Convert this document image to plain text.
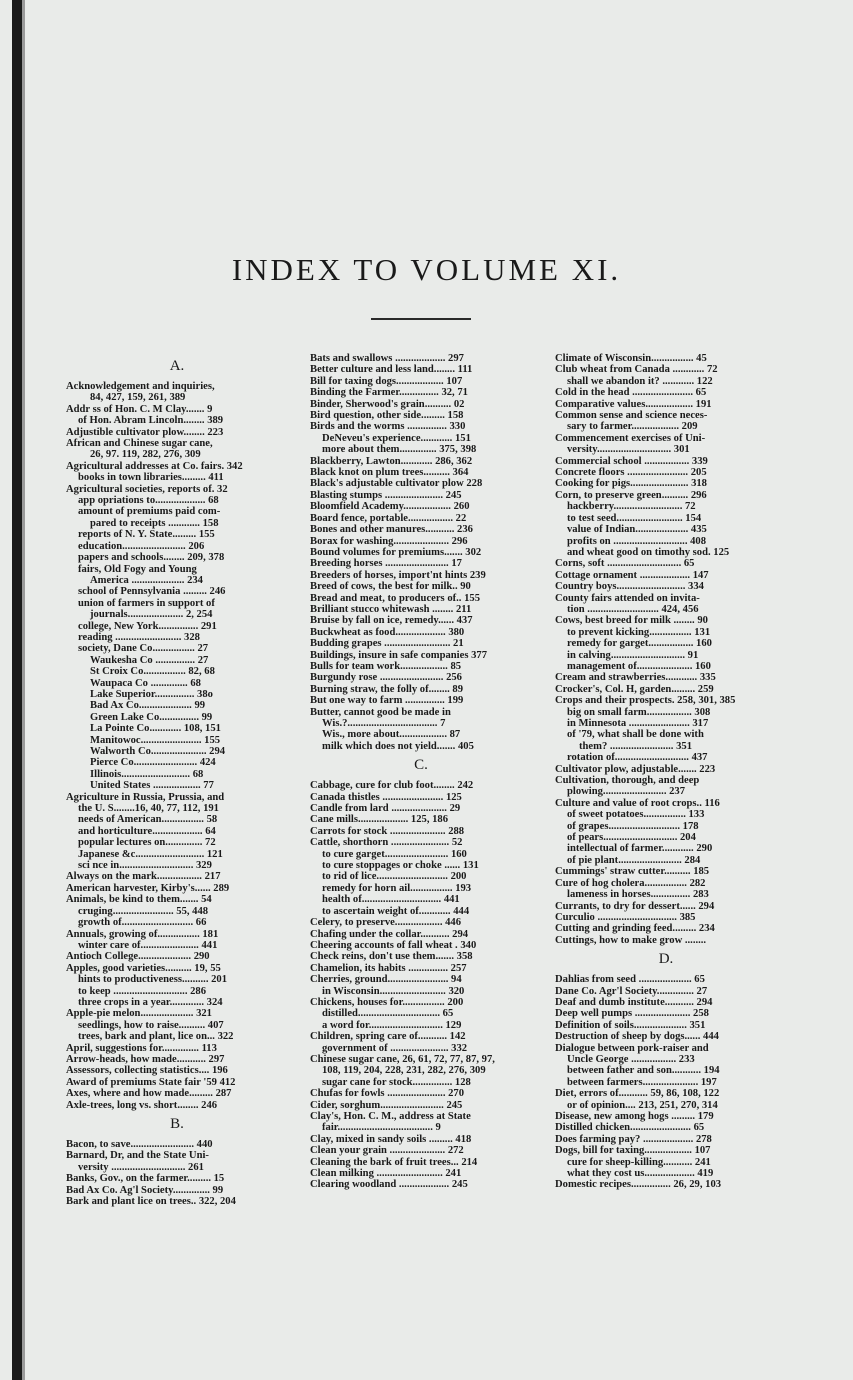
INDEX TO VOLUME XI.
A.
Acknowledgement and inquiries,
84, 427, 159, 261, 389
Addr ss of Hon. C. M Clay....... 9
of Hon. Abram Lincoln........ 389
Adjustible cultivator plow........ 223
African and Chinese sugar cane,
26, 97. 119, 282, 276, 309
Agricultural addresses at Co. fairs. 342
books in town libraries......... 411
Agricultural societies, reports of. 32
app opriations to................... 68
amount of premiums paid com-
pared to receipts ............ 158
reports of N. Y. State......... 155
education........................ 206
papers and schools........ 209, 378
fairs, Old Fogy and Young
America .................... 234
school of Pennsylvania ......... 246
union of farmers in support of
journals..................... 2, 254
college, New York............... 291
reading ......................... 328
society, Dane Co................ 27
Waukesha Co ............... 27
St Croix Co................ 82, 68
Waupaca Co .............. 68
Lake Superior............... 38o
Bad Ax Co.................... 99
Green Lake Co............... 99
La Pointe Co............ 108, 151
Manitowoc....................... 155
Walworth Co..................... 294
Pierce Co........................ 424
Illinois.......................... 68
United States .................. 77
Agriculture in Russia, Prussia, and
the U. S........16, 40, 77, 112, 191
needs of American................ 58
and horticulture................... 64
popular lectures on.............. 72
Japanese &c.......................... 121
sci nce in............................ 329
Always on the mark................. 217
American harvester, Kirby's...... 289
Animals, be kind to them....... 54
cruging....................... 55, 448
growth of........................... 66
Annuals, growing of................ 181
winter care of...................... 441
Antioch College.................... 290
Apples, good varieties.......... 19, 55
hints to productiveness.......... 201
to keep ............................ 286
three crops in a year............. 324
Apple-pie melon.................... 321
seedlings, how to raise.......... 407
trees, bark and plant, lice on... 322
April, suggestions for.............. 113
Arrow-heads, how made........... 297
Assessors, collecting statistics.... 196
Award of premiums State fair '59 412
Axes, where and how made......... 287
Axle-trees, long vs. short........ 246
B.
Bacon, to save........................ 440
Barnard, Dr, and the State Uni-
versity ............................ 261
Banks, Gov., on the farmer......... 15
Bad Ax Co. Ag'l Society.............. 99
Bark and plant lice on trees.. 322, 204
Bats and swallows ................... 297
Better culture and less land........ 111
Bill for taxing dogs.................. 107
Binding the Farmer............... 32, 71
Binder, Sherwood's grain.......... 02
Bird question, other side......... 158
Birds and the worms ............... 330
DeNeveu's experience............ 151
more about them.............. 375, 398
Blackberry, Lawton............ 286, 362
Black knot on plum trees.......... 364
Black's adjustable cultivator plow 228
Blasting stumps ...................... 245
Bloomfield Academy.................. 260
Board fence, portable................. 22
Bones and other manures........... 236
Borax for washing..................... 296
Bound volumes for premiums....... 302
Breeding horses ........................ 17
Breeders of horses, import'nt hints 239
Breed of cows, the best for milk.. 90
Bread and meat, to producers of.. 155
Brilliant stucco whitewash ........ 211
Bruise by fall on ice, remedy...... 437
Buckwheat as food................... 380
Budding grapes ......................... 21
Buildings, insure in safe companies 377
Bulls for team work.................. 85
Burgundy rose ........................ 256
Burning straw, the folly of........ 89
But one way to farm ............... 199
Butter, cannot good be made in
Wis.?.................................. 7
Wis., more about.................. 87
milk which does not yield....... 405
C.
Cabbage, cure for club foot........ 242
Canada thistles ....................... 125
Candle from lard ..................... 29
Cane mills................... 125, 186
Carrots for stock ..................... 288
Cattle, shorthorn ...................... 52
to cure garget........................ 160
to cure stoppages or choke ...... 131
to rid of lice........................... 200
remedy for horn ail................ 193
health of.............................. 441
to ascertain weight of............ 444
Celery, to preserve.................. 446
Chafing under the collar........... 294
Cheering accounts of fall wheat . 340
Check reins, don't use them....... 358
Chamelion, its habits ............... 257
Cherries, ground....................... 94
in Wisconsin......................... 320
Chickens, houses for................ 200
distilled............................... 65
a word for............................ 129
Children, spring care of........... 142
government of ...................... 332
Chinese sugar cane, 26, 61, 72, 77, 87, 97,
108, 119, 204, 228, 231, 282, 276, 309
sugar cane for stock............... 128
Chufas for fowls ...................... 270
Cider, sorghum........................ 245
Clay's, Hon. C. M., address at State
fair.................................... 9
Clay, mixed in sandy soils ......... 418
Clean your grain ..................... 272
Cleaning the bark of fruit trees... 214
Clean milking ......................... 241
Clearing woodland ................... 245
Climate of Wisconsin................ 45
Club wheat from Canada ............ 72
shall we abandon it? ............ 122
Cold in the head ....................... 65
Comparative values.................. 191
Common sense and science neces-
sary to farmer.................. 209
Commencement exercises of Uni-
versity............................ 301
Commercial school ................. 339
Concrete floors ....................... 205
Cooking for pigs...................... 318
Corn, to preserve green.......... 296
hackberry.......................... 72
to test seed......................... 154
value of Indian.................... 435
profits on ............................ 408
and wheat good on timothy sod. 125
Corns, soft ............................ 65
Cottage ornament ................... 147
Country boys.......................... 334
County fairs attended on invita-
tion ........................... 424, 456
Cows, best breed for milk ........ 90
to prevent kicking................ 131
remedy for garget................. 160
in calving............................ 91
management of..................... 160
Cream and strawberries............ 335
Crocker's, Col. H, garden......... 259
Crops and their prospects. 258, 301, 385
big on small farm................. 308
in Minnesota ....................... 317
of '79, what shall be done with
them? ........................ 351
rotation of............................ 437
Cultivator plow, adjustable....... 223
Cultivation, thorough, and deep
plowing........................ 237
Culture and value of root crops.. 116
of sweet potatoes................ 133
of grapes........................... 178
of pears............................ 204
intellectual of farmer............ 290
of pie plant........................ 284
Cummings' straw cutter.......... 185
Cure of hog cholera................ 282
lameness in horses............... 283
Currants, to dry for dessert...... 294
Curculio .............................. 385
Cutting and grinding feed......... 234
Cuttings, how to make grow ........
D.
Dahlias from seed .................... 65
Dane Co. Agr'l Society.............. 27
Deaf and dumb institute........... 294
Deep well pumps ..................... 258
Definition of soils.................... 351
Destruction of sheep by dogs...... 444
Dialogue between pork-raiser and
Uncle George ................. 233
between father and son........... 194
between farmers..................... 197
Diet, errors of........... 59, 86, 108, 122
or of opinion.... 213, 251, 270, 314
Disease, new among hogs ......... 179
Distilled chicken....................... 65
Does farming pay? ................... 278
Dogs, bill for taxing.................. 107
cure for sheep-killing........... 241
what they cost us................... 419
Domestic recipes............... 26, 29, 103
